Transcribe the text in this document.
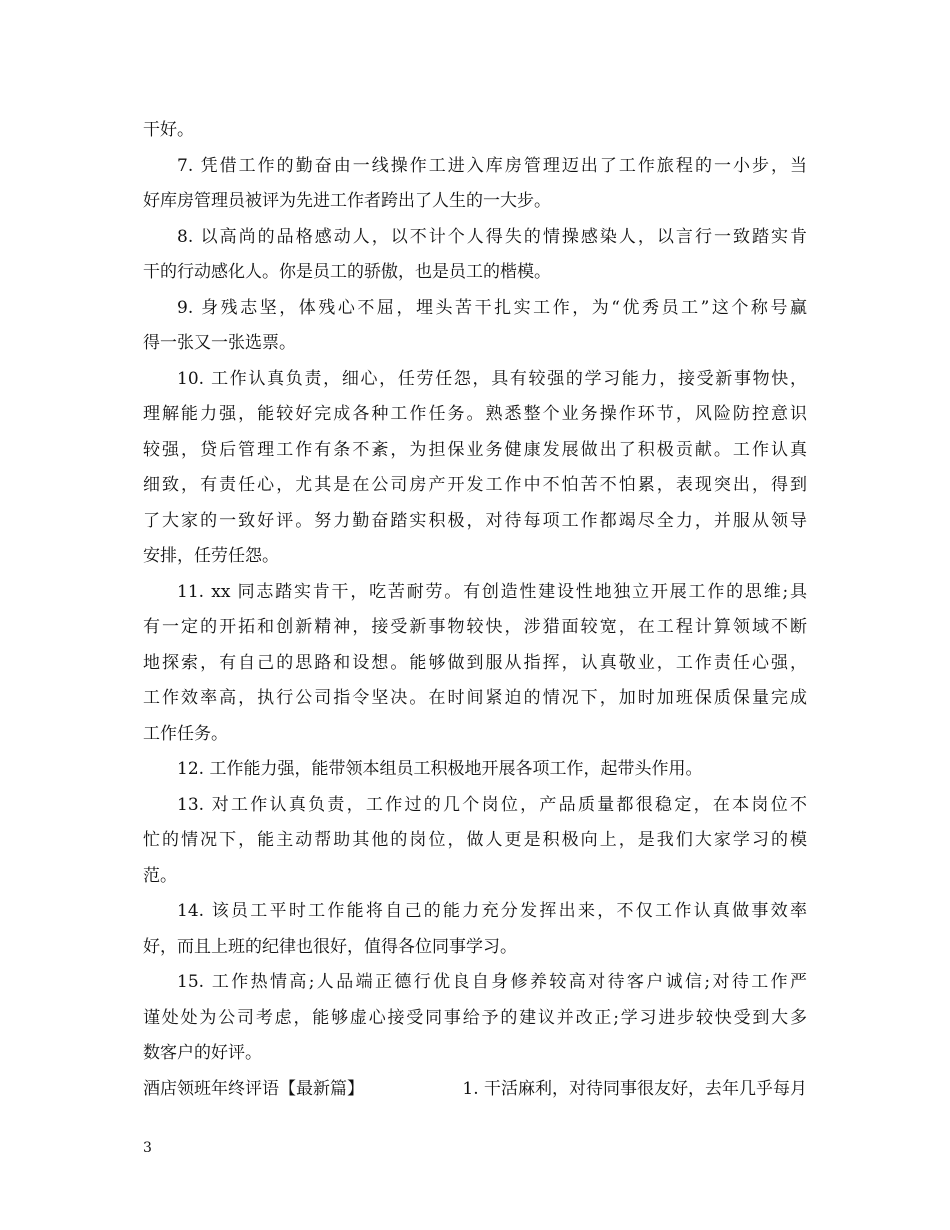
干好。
7. 凭借工作的勤奋由一线操作工进入库房管理迈出了工作旅程的一小步，当
好库房管理员被评为先进工作者跨出了人生的一大步。
8. 以高尚的品格感动人，以不计个人得失的情操感染人，以言行一致踏实肯
干的行动感化人。你是员工的骄傲，也是员工的楷模。
9. 身残志坚，体残心不屈，埋头苦干扎实工作，为“优秀员工”这个称号赢
得一张又一张选票。
10. 工作认真负责，细心，任劳任怨，具有较强的学习能力，接受新事物快，
理解能力强，能较好完成各种工作任务。熟悉整个业务操作环节，风险防控意识
较强，贷后管理工作有条不紊，为担保业务健康发展做出了积极贡献。工作认真
细致，有责任心，尤其是在公司房产开发工作中不怕苦不怕累，表现突出，得到
了大家的一致好评。努力勤奋踏实积极，对待每项工作都竭尽全力，并服从领导
安排，任劳任怨。
11. xx 同志踏实肯干，吃苦耐劳。有创造性建设性地独立开展工作的思维;具
有一定的开拓和创新精神，接受新事物较快，涉猎面较宽，在工程计算领域不断
地探索，有自己的思路和设想。能够做到服从指挥，认真敬业，工作责任心强，
工作效率高，执行公司指令坚决。在时间紧迫的情况下，加时加班保质保量完成
工作任务。
12. 工作能力强，能带领本组员工积极地开展各项工作，起带头作用。
13. 对工作认真负责，工作过的几个岗位，产品质量都很稳定，在本岗位不
忙的情况下，能主动帮助其他的岗位，做人更是积极向上，是我们大家学习的模
范。
14. 该员工平时工作能将自己的能力充分发挥出来，不仅工作认真做事效率
好，而且上班的纪律也很好，值得各位同事学习。
15. 工作热情高;人品端正德行优良自身修养较高对待客户诚信;对待工作严
谨处处为公司考虑，能够虚心接受同事给予的建议并改正;学习进步较快受到大多
数客户的好评。
酒店领班年终评语【最新篇】	1. 干活麻利，对待同事很友好，去年几乎每月
3
